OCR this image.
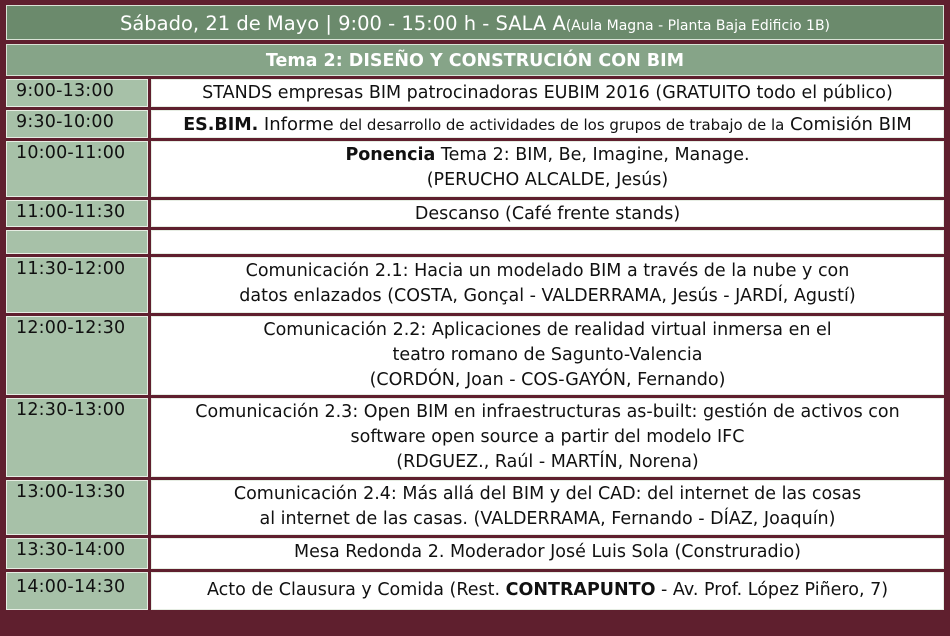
Sábado, 21 de Mayo | 9:00 - 15:00 h - SALA A(Aula Magna - Planta Baja Edificio 1B)
Tema 2: DISEÑO Y CONSTRUCIÓN CON BIM
9:00-13:00	STANDS empresas BIM patrocinadoras EUBIM 2016 (GRATUITO todo el público)
9:30-10:00	ES.BIM. Informe del desarrollo de actividades de los grupos de trabajo de la Comisión BIM
10:00-11:00	Ponencia Tema 2: BIM, Be, Imagine, Manage.
(PERUCHO ALCALDE, Jesús)
11:00-11:30	Descanso (Café frente stands)
11:30-12:00	Comunicación 2.1: Hacia un modelado BIM a través de la nube y con
datos enlazados (COSTA, Gonçal - VALDERRAMA, Jesús - JARDÍ, Agustí)
12:00-12:30	Comunicación 2.2: Aplicaciones de realidad virtual inmersa en el
teatro romano de Sagunto-Valencia
(CORDÓN, Joan - COS-GAYÓN, Fernando)
12:30-13:00	Comunicación 2.3: Open BIM en infraestructuras as-built: gestión de activos con
software open source a partir del modelo IFC
(RDGUEZ., Raúl - MARTÍN, Norena)
13:00-13:30	Comunicación 2.4: Más allá del BIM y del CAD: del internet de las cosas
al internet de las casas. (VALDERRAMA, Fernando - DÍAZ, Joaquín)
13:30-14:00	Mesa Redonda 2. Moderador José Luis Sola (Construradio)
14:00-14:30	Acto de Clausura y Comida (Rest. CONTRAPUNTO - Av. Prof. López Piñero, 7)
